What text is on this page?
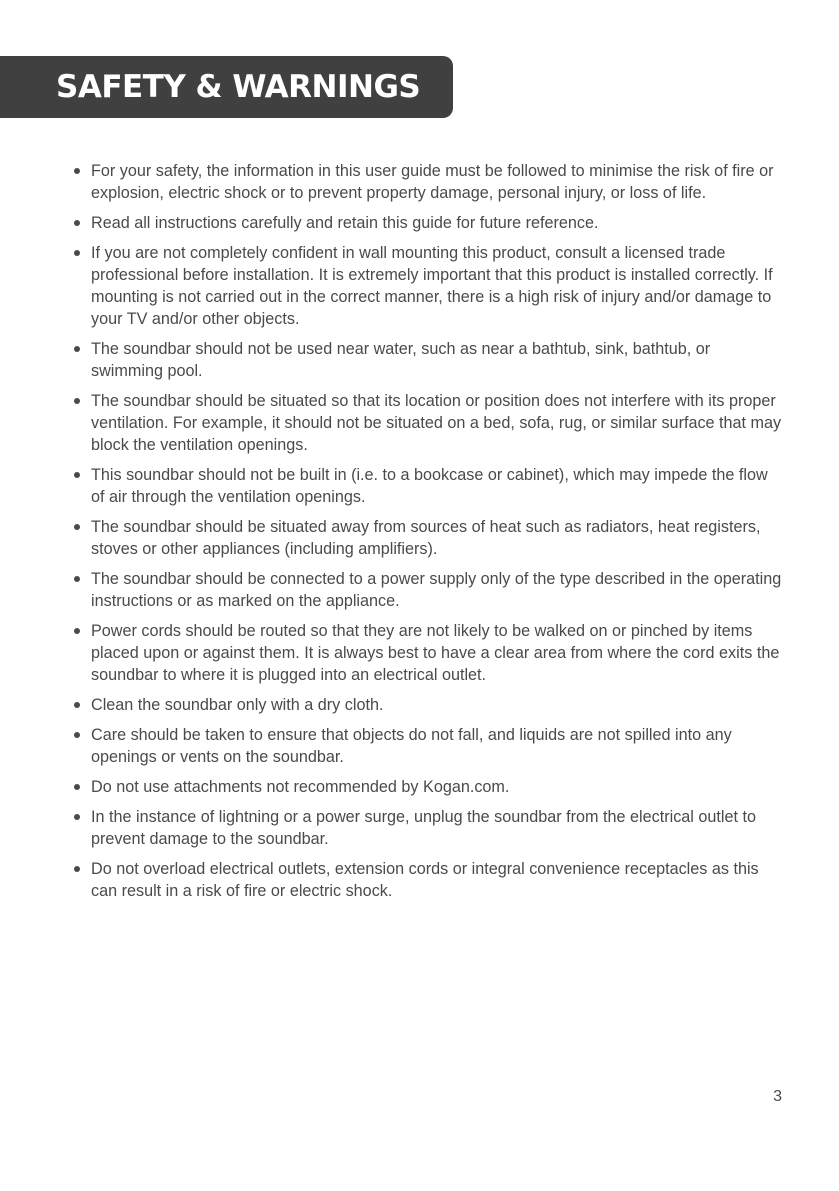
SAFETY & WARNINGS
For your safety, the information in this user guide must be followed to minimise the risk of fire or explosion, electric shock or to prevent property damage, personal injury, or loss of life.
Read all instructions carefully and retain this guide for future reference.
If you are not completely confident in wall mounting this product, consult a licensed trade professional before installation. It is extremely important that this product is installed correctly. If mounting is not carried out in the correct manner, there is a high risk of injury and/or damage to your TV and/or other objects.
The soundbar should not be used near water, such as near a bathtub, sink, bathtub, or swimming pool.
The soundbar should be situated so that its location or position does not interfere with its proper ventilation. For example, it should not be situated on a bed, sofa, rug, or similar surface that may block the ventilation openings.
This soundbar should not be built in (i.e. to a bookcase or cabinet), which may impede the flow of air through the ventilation openings.
The soundbar should be situated away from sources of heat such as radiators, heat registers, stoves or other appliances (including amplifiers).
The soundbar should be connected to a power supply only of the type described in the operating instructions or as marked on the appliance.
Power cords should be routed so that they are not likely to be walked on or pinched by items placed upon or against them. It is always best to have a clear area from where the cord exits the soundbar to where it is plugged into an electrical outlet.
Clean the soundbar only with a dry cloth.
Care should be taken to ensure that objects do not fall, and liquids are not spilled into any openings or vents on the soundbar.
Do not use attachments not recommended by Kogan.com.
In the instance of lightning or a power surge, unplug the soundbar from the electrical outlet to prevent damage to the soundbar.
Do not overload electrical outlets, extension cords or integral convenience receptacles as this can result in a risk of fire or electric shock.
3
